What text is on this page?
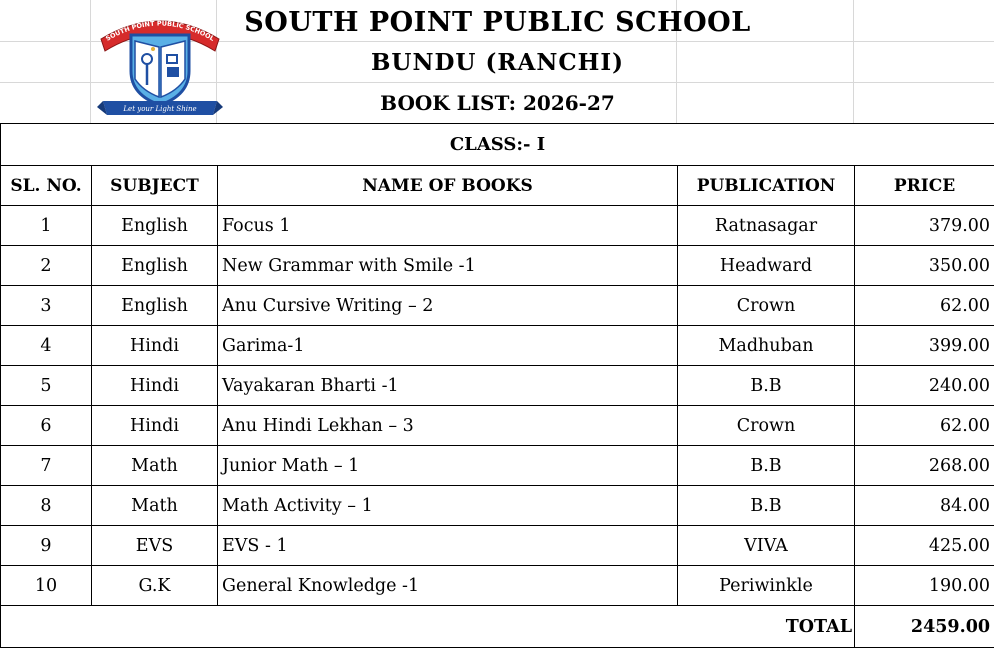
SOUTH POINT PUBLIC SCHOOL
Let your Light Shine
SOUTH POINT PUBLIC SCHOOL
BUNDU (RANCHI)
BOOK LIST: 2026-27
CLASS:- I				
SL. NO.	SUBJECT	NAME OF BOOKS	PUBLICATION	PRICE
1	English	Focus 1	Ratnasagar	379.00
2	English	New Grammar with Smile -1	Headward	350.00
3	English	Anu Cursive Writing – 2	Crown	62.00
4	Hindi	Garima-1	Madhuban	399.00
5	Hindi	Vayakaran Bharti -1	B.B	240.00
6	Hindi	Anu Hindi Lekhan – 3	Crown	62.00
7	Math	Junior Math – 1	B.B	268.00
8	Math	Math Activity – 1	B.B	84.00
9	EVS	EVS - 1	VIVA	425.00
10	G.K	General Knowledge -1	Periwinkle	190.00
TOTAL				2459.00
